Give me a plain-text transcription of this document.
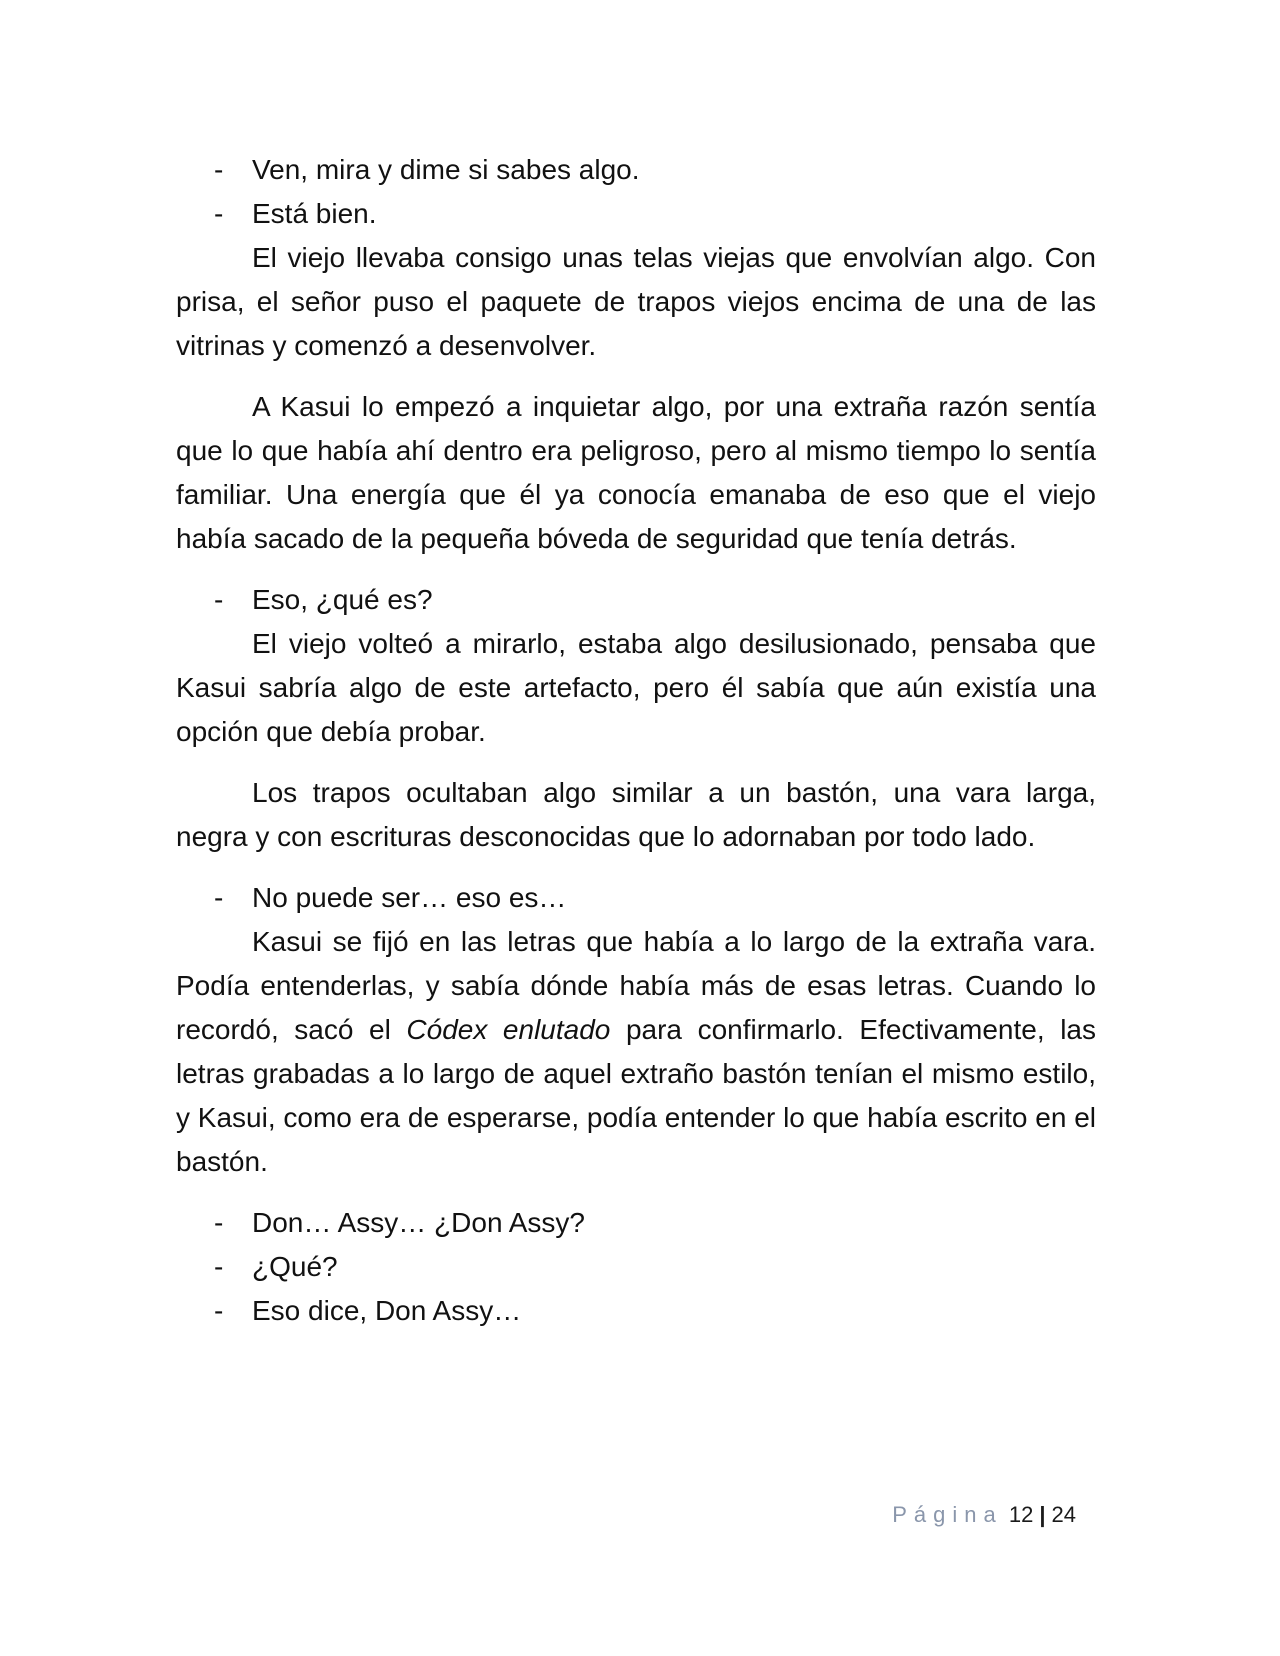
- Ven, mira y dime si sabes algo.
- Está bien.

El viejo llevaba consigo unas telas viejas que envolvían algo. Con prisa, el señor puso el paquete de trapos viejos encima de una de las vitrinas y comenzó a desenvolver.

A Kasui lo empezó a inquietar algo, por una extraña razón sentía que lo que había ahí dentro era peligroso, pero al mismo tiempo lo sentía familiar. Una energía que él ya conocía emanaba de eso que el viejo había sacado de la pequeña bóveda de seguridad que tenía detrás.

- Eso, ¿qué es?

El viejo volteó a mirarlo, estaba algo desilusionado, pensaba que Kasui sabría algo de este artefacto, pero él sabía que aún existía una opción que debía probar.

Los trapos ocultaban algo similar a un bastón, una vara larga, negra y con escrituras desconocidas que lo adornaban por todo lado.

- No puede ser… eso es…

Kasui se fijó en las letras que había a lo largo de la extraña vara. Podía entenderlas, y sabía dónde había más de esas letras. Cuando lo recordó, sacó el Códex enlutado para confirmarlo. Efectivamente, las letras grabadas a lo largo de aquel extraño bastón tenían el mismo estilo, y Kasui, como era de esperarse, podía entender lo que había escrito en el bastón.

- Don… Assy… ¿Don Assy?
- ¿Qué?
- Eso dice, Don Assy…
Página 12 | 24
